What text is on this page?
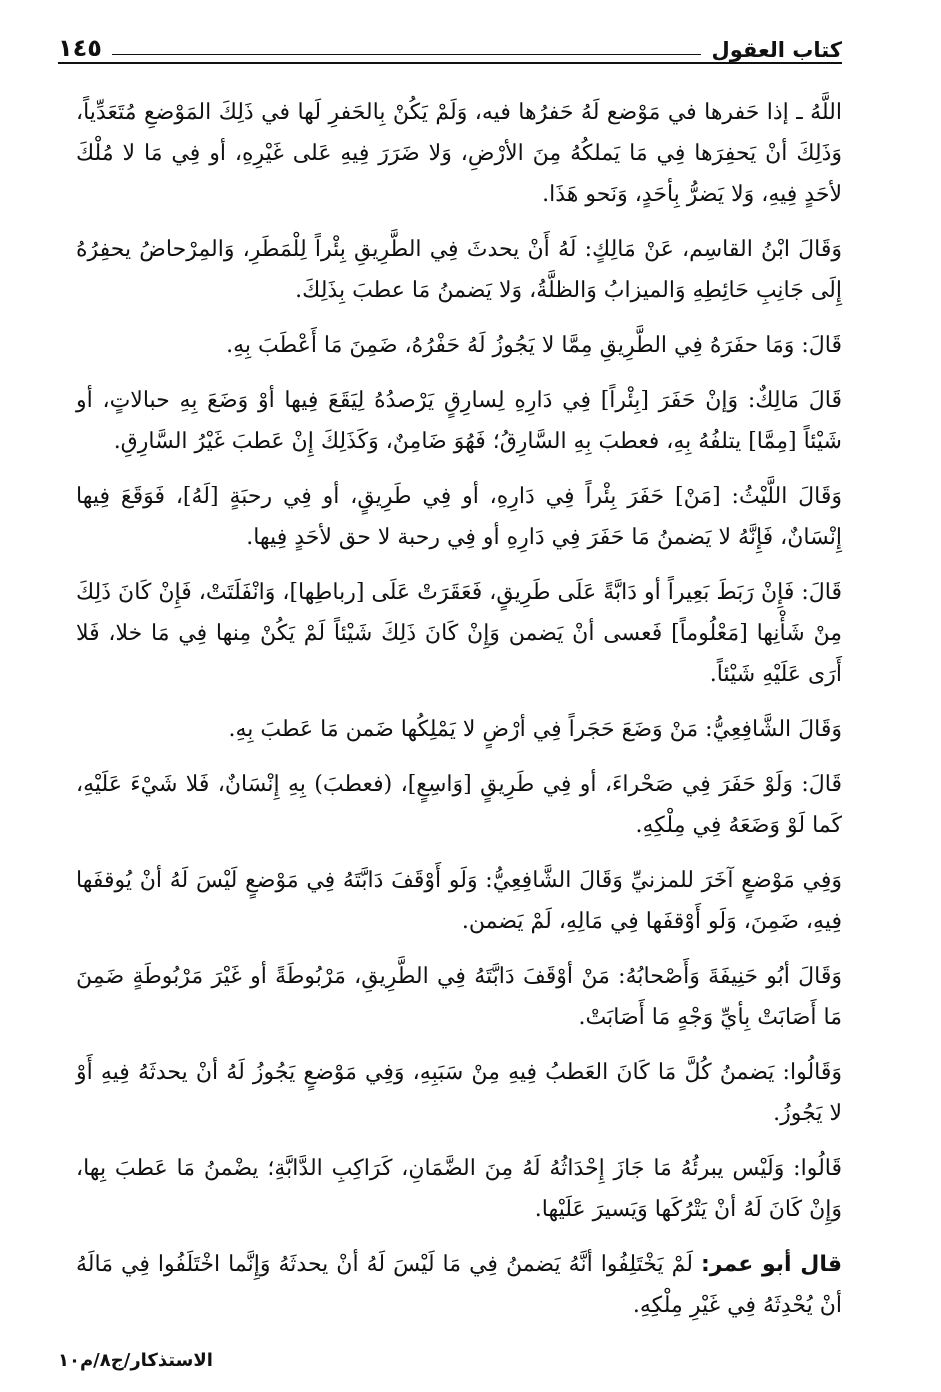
كتاب العقول
١٤٥

اللَّهُ ـ إذا حَفرها في مَوْضع لَهُ حَفرُها فيه، وَلَمْ يَكُنْ بِالحَفرِ لَها في ذَلِكَ المَوْضعِ مُتَعَدِّياً، وَذَلِكَ أنْ يَحفِرَها فِي مَا يَملكُهُ مِنَ الأرْضِ، وَلا ضَرَرَ فِيهِ عَلى غَيْرِهِ، أو فِي مَا لا مُلْكَ لأحَدٍ فِيهِ، وَلا يَضرُّ بِأحَدٍ، وَنَحو هَذَا.

وَقَالَ ابْنُ القاسِم، عَنْ مَالِكٍ: لَهُ أَنْ يحدثَ فِي الطَّرِيقِ بِئْراً لِلْمَطَرِ، وَالمِرْحاضُ يحفِرُهُ إِلَى جَانِبِ حَائِطِهِ وَالميزابُ وَالظلَّةُ، وَلا يَضمنُ مَا عطبَ بِذَلِكَ.

قَالَ: وَمَا حفَرَهُ فِي الطَّرِيقِ مِمَّا لا يَجُوزُ لَهُ حَفْرُهُ، ضَمِنَ مَا أَعْطَبَ بِهِ.

قَالَ مَالِكٌ: وَإنْ حَفَرَ [بِئْراً] فِي دَارِهِ لِسارِقٍ يَرْصدُهُ لِيَقَعَ فِيها أوْ وَضَعَ بِهِ حبالاتٍ، أو شَيْئاً [مِمَّا] يتلفُهُ بِهِ، فعطبَ بِهِ السَّارِقُ؛ فَهُوَ ضَامِنٌ، وَكَذَلِكَ إِنْ عَطبَ غَيْرُ السَّارِقِ.

وَقَالَ اللَّيْثُ: [مَنْ] حَفَرَ بِئْراً فِي دَارِهِ، أو فِي طَرِيقٍ، أو فِي رحبَةٍ [لَهُ]، فَوَقَعَ فِيها إِنْسَانٌ، فَإِنَّهُ لا يَضمنُ مَا حَفَرَ فِي دَارِهِ أو فِي رحبة لا حق لأحَدٍ فِيها.

قَالَ: فَإِنْ رَبَطَ بَعِيراً أو دَابَّةً عَلَى طَرِيقٍ، فَعَقَرَتْ عَلَى [رباطِها]، وَانْفَلَتَتْ، فَإِنْ كَانَ ذَلِكَ مِنْ شَأْنِها [مَعْلُوماً] فَعسى أنْ يَضمن وَإِنْ كَانَ ذَلِكَ شَيْئاً لَمْ يَكُنْ مِنها فِي مَا خلا، فَلا أَرَى عَلَيْهِ شَيْئاً.

وَقَالَ الشَّافِعِيُّ: مَنْ وَضَعَ حَجَراً فِي أرْضٍ لا يَمْلِكُها ضَمن مَا عَطبَ بِهِ.

قَالَ: وَلَوْ حَفَرَ فِي صَحْراءَ، أو فِي طَرِيقٍ [وَاسِعٍ]، (فعطبَ) بِهِ إِنْسَانٌ، فَلا شَيْءَ عَلَيْهِ، كَما لَوْ وَضَعَهُ فِي مِلْكِهِ.

وَفِي مَوْضعٍ آخَرَ للمزنيِّ وَقَالَ الشَّافِعِيُّ: وَلَو أَوْقَفَ دَابَّتَهُ فِي مَوْضعٍ لَيْسَ لَهُ أنْ يُوقفَها فِيهِ، ضَمِنَ، وَلَو أَوْقفَها فِي مَالِهِ، لَمْ يَضمن.

وَقَالَ أبُو حَنِيفَةَ وَأَصْحابُهُ: مَنْ أوْقَفَ دَابَّتَهُ فِي الطَّرِيقِ، مَرْبُوطَةً أو غَيْرَ مَرْبُوطَةٍ ضَمِنَ مَا أَصَابَتْ بِأيِّ وَجْهٍ مَا أَصَابَتْ.

وَقَالُوا: يَضمنُ كُلَّ مَا كَانَ العَطبُ فِيهِ مِنْ سَبَبِهِ، وَفِي مَوْضعٍ يَجُوزُ لَهُ أنْ يحدثَهُ فِيهِ أَوْ لا يَجُوزُ.

قَالُوا: وَلَيْس يبرئُهُ مَا جَازَ إِحْدَاثُهُ لَهُ مِنَ الضَّمَانِ، كَرَاكِبِ الدَّابَّةِ؛ يضْمنُ مَا عَطبَ بِها، وَإِنْ كَانَ لَهُ أنْ يَتْرُكَها وَيَسيرَ عَلَيْها.

قال أبو عمر: لَمْ يَخْتَلِفُوا أنَّهُ يَضمنُ فِي مَا لَيْسَ لَهُ أنْ يحدثَهُ وَإِنَّما اخْتَلَفُوا فِي مَالَهُ أنْ يُحْدِثَهُ فِي غَيْرِ مِلْكِهِ.

الاستذكار/ج٨/م١٠
